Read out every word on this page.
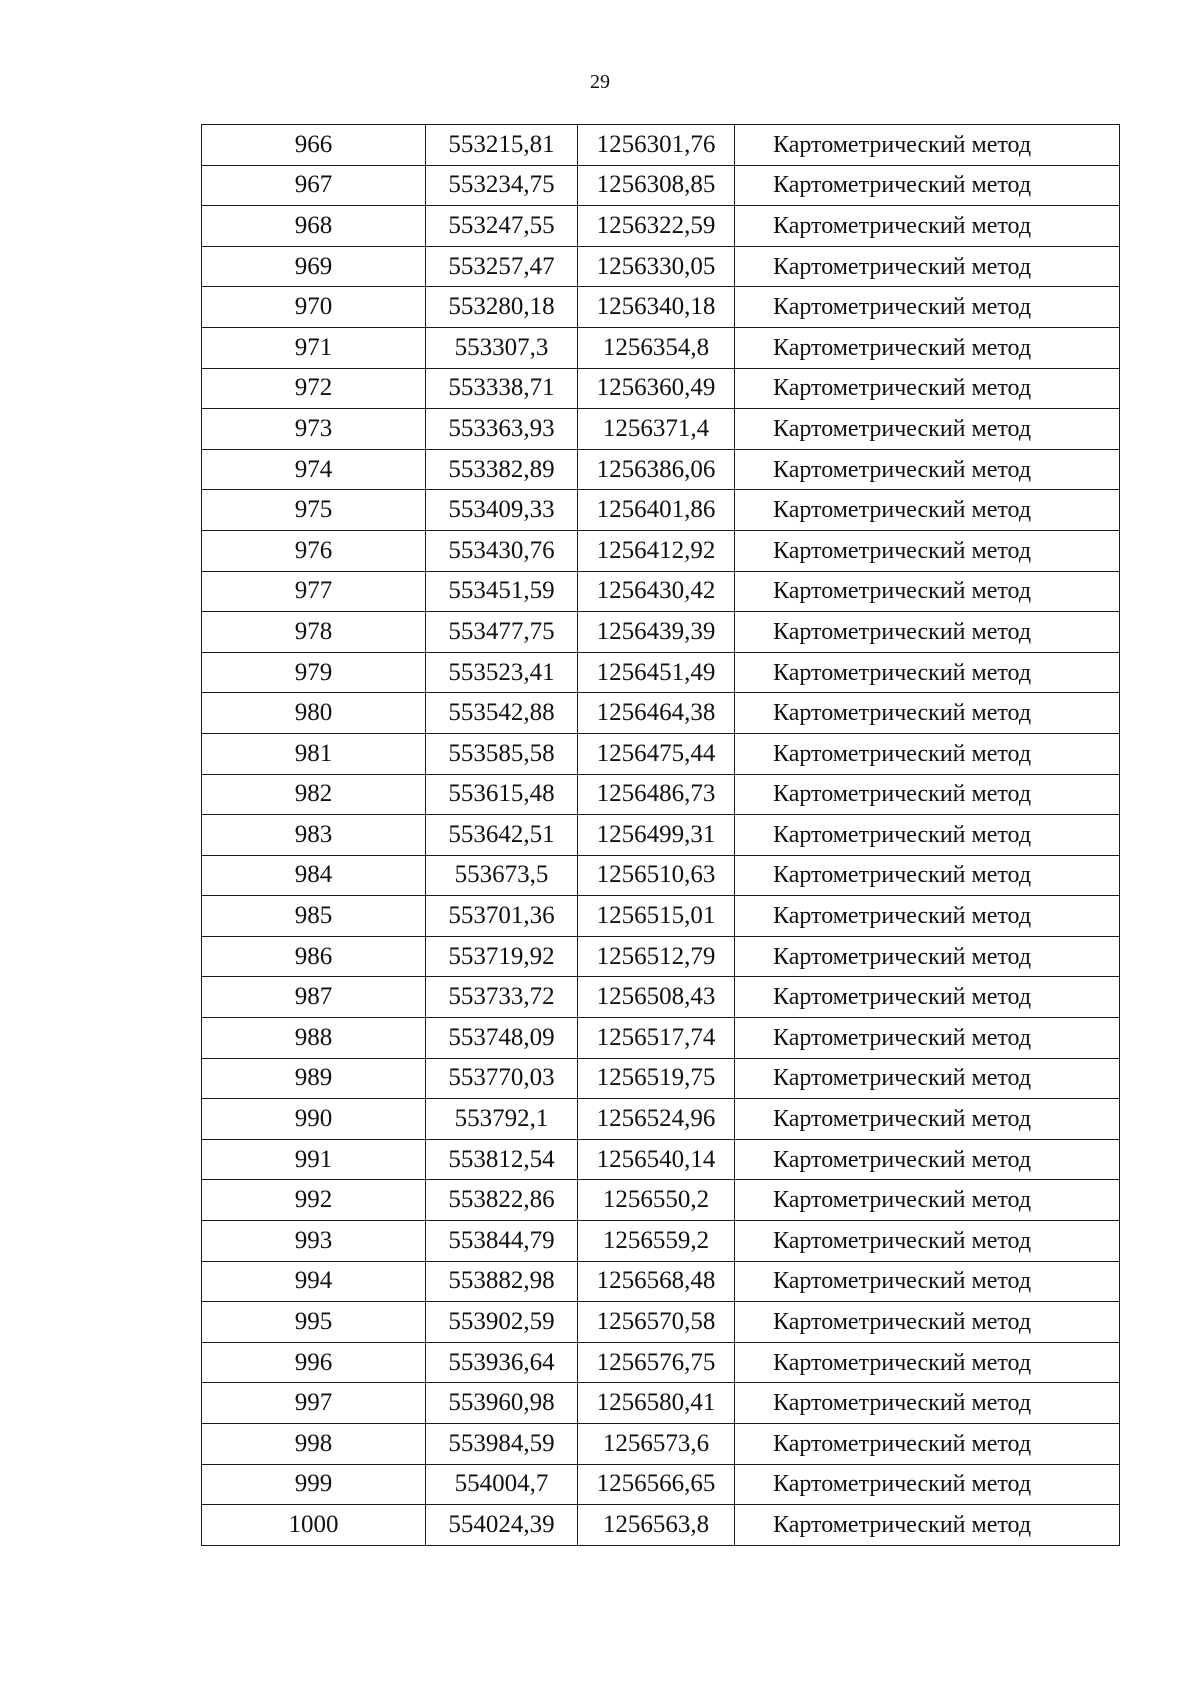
29
966	553215,81	1256301,76	Картометрический метод
967	553234,75	1256308,85	Картометрический метод
968	553247,55	1256322,59	Картометрический метод
969	553257,47	1256330,05	Картометрический метод
970	553280,18	1256340,18	Картометрический метод
971	553307,3	1256354,8	Картометрический метод
972	553338,71	1256360,49	Картометрический метод
973	553363,93	1256371,4	Картометрический метод
974	553382,89	1256386,06	Картометрический метод
975	553409,33	1256401,86	Картометрический метод
976	553430,76	1256412,92	Картометрический метод
977	553451,59	1256430,42	Картометрический метод
978	553477,75	1256439,39	Картометрический метод
979	553523,41	1256451,49	Картометрический метод
980	553542,88	1256464,38	Картометрический метод
981	553585,58	1256475,44	Картометрический метод
982	553615,48	1256486,73	Картометрический метод
983	553642,51	1256499,31	Картометрический метод
984	553673,5	1256510,63	Картометрический метод
985	553701,36	1256515,01	Картометрический метод
986	553719,92	1256512,79	Картометрический метод
987	553733,72	1256508,43	Картометрический метод
988	553748,09	1256517,74	Картометрический метод
989	553770,03	1256519,75	Картометрический метод
990	553792,1	1256524,96	Картометрический метод
991	553812,54	1256540,14	Картометрический метод
992	553822,86	1256550,2	Картометрический метод
993	553844,79	1256559,2	Картометрический метод
994	553882,98	1256568,48	Картометрический метод
995	553902,59	1256570,58	Картометрический метод
996	553936,64	1256576,75	Картометрический метод
997	553960,98	1256580,41	Картометрический метод
998	553984,59	1256573,6	Картометрический метод
999	554004,7	1256566,65	Картометрический метод
1000	554024,39	1256563,8	Картометрический метод
